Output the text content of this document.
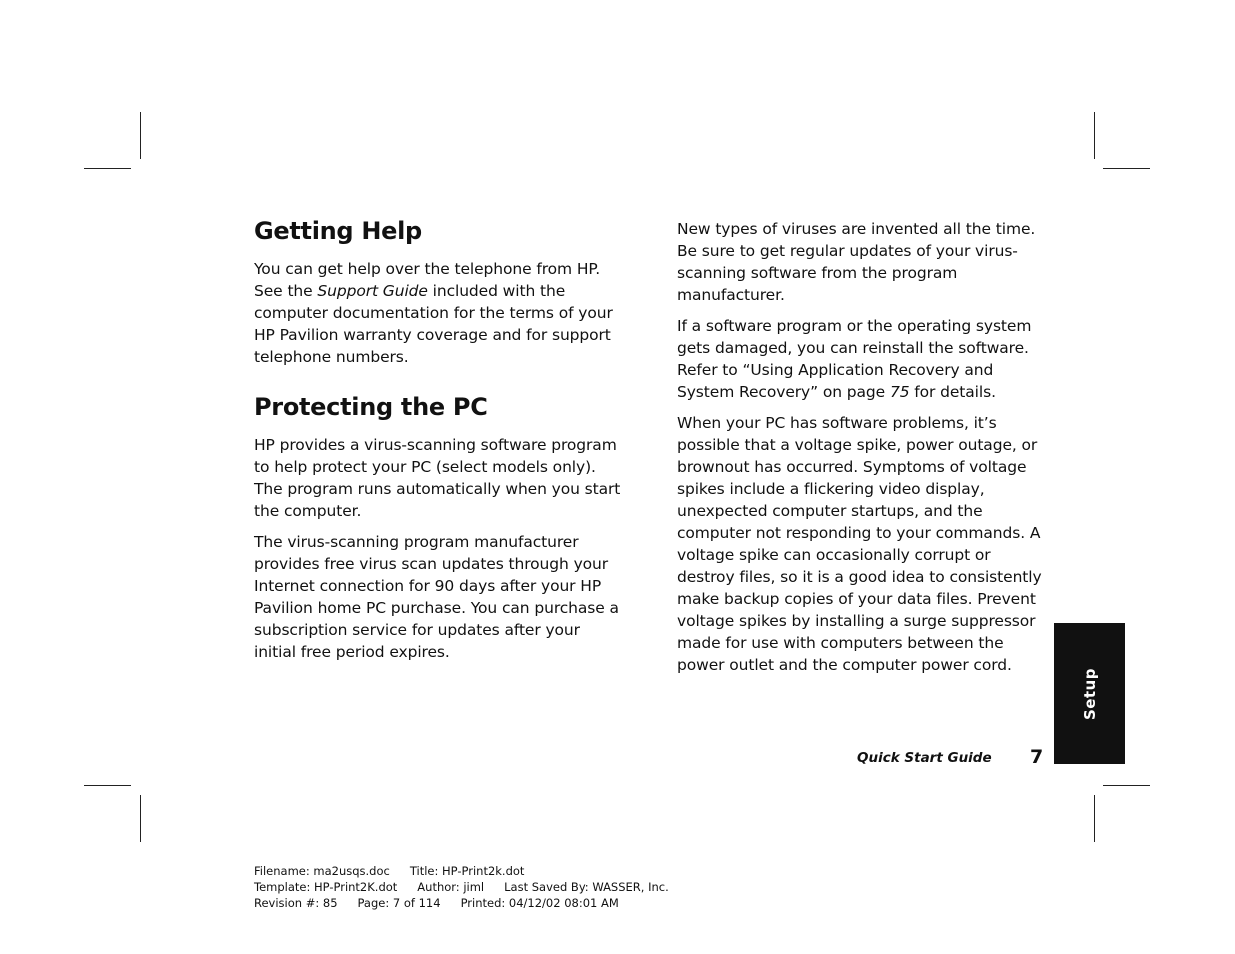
Getting Help

You can get help over the telephone from HP. See the Support Guide included with the computer documentation for the terms of your HP Pavilion warranty coverage and for support telephone numbers.

Protecting the PC

HP provides a virus-scanning software program to help protect your PC (select models only). The program runs automatically when you start the computer.

The virus-scanning program manufacturer provides free virus scan updates through your Internet connection for 90 days after your HP Pavilion home PC purchase. You can purchase a subscription service for updates after your initial free period expires.

New types of viruses are invented all the time. Be sure to get regular updates of your virus-scanning software from the program manufacturer.

If a software program or the operating system gets damaged, you can reinstall the software. Refer to “Using Application Recovery and System Recovery” on page 75 for details.

When your PC has software problems, it’s possible that a voltage spike, power outage, or brownout has occurred. Symptoms of voltage spikes include a flickering video display, unexpected computer startups, and the computer not responding to your commands. A voltage spike can occasionally corrupt or destroy files, so it is a good idea to consistently make backup copies of your data files. Prevent voltage spikes by installing a surge suppressor made for use with computers between the power outlet and the computer power cord.

Setup
Quick Start Guide 7
Filename: ma2usqs.doc Title: HP-Print2k.dot
Template: HP-Print2K.dot Author: jiml Last Saved By: WASSER, Inc.
Revision #: 85 Page: 7 of 114 Printed: 04/12/02 08:01 AM
